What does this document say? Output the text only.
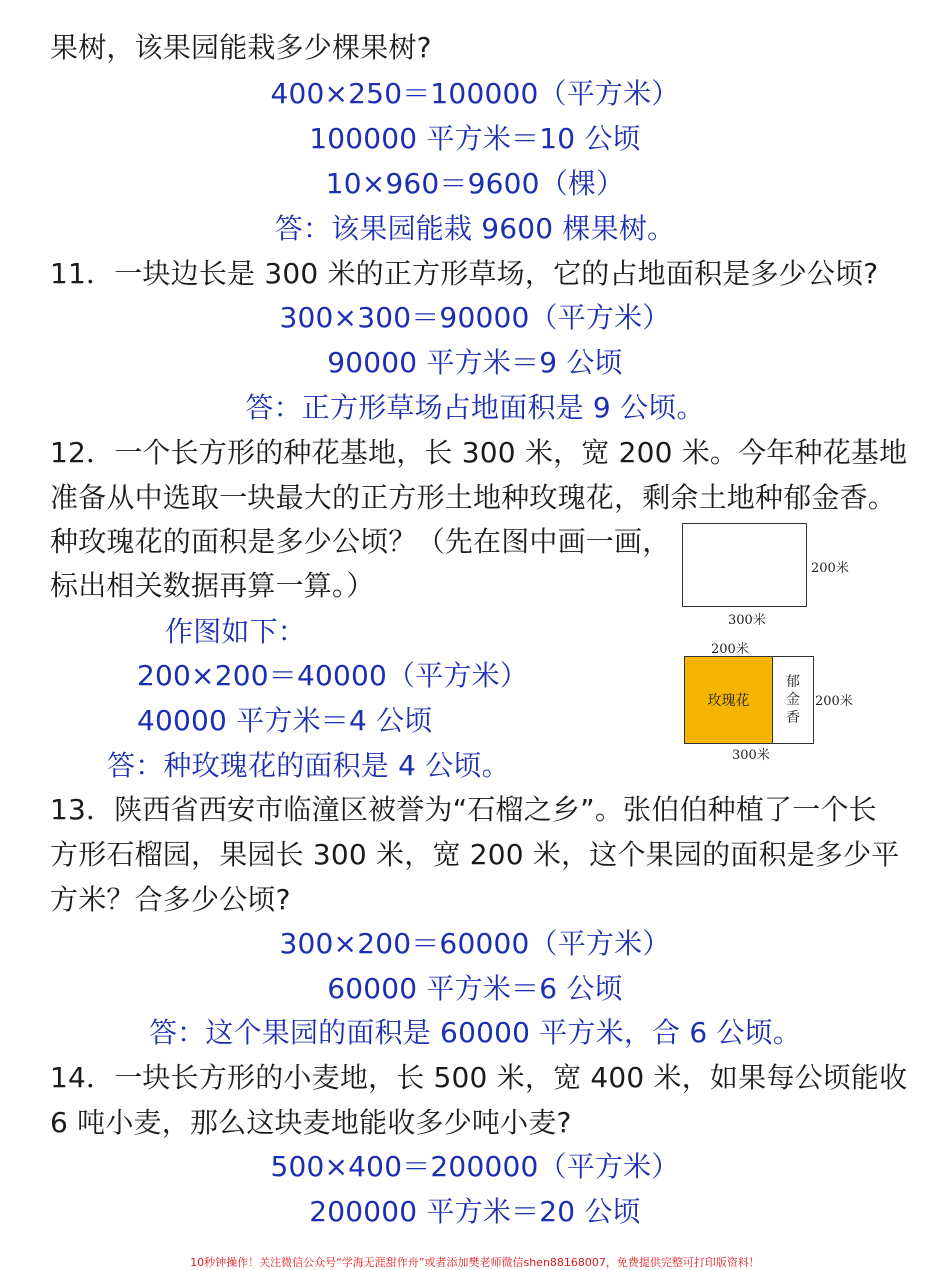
果树，该果园能栽多少棵果树?
400×250＝100000（平方米）
100000 平方米＝10 公顷
10×960＝9600（棵）
答：该果园能栽 9600 棵果树。
11．一块边长是 300 米的正方形草场，它的占地面积是多少公顷?
300×300＝90000（平方米）
90000 平方米＝9 公顷
答：正方形草场占地面积是 9 公顷。
12．一个长方形的种花基地，长 300 米，宽 200 米。今年种花基地
准备从中选取一块最大的正方形土地种玫瑰花，剩余土地种郁金香。
种玫瑰花的面积是多少公顷？（先在图中画一画，
标出相关数据再算一算。）
作图如下：
200×200＝40000（平方米）
40000 平方米＝4 公顷
答：种玫瑰花的面积是 4 公顷。
200米
300米
200米
玫瑰花
郁
金
香
200米
300米
13．陕西省西安市临潼区被誉为“石榴之乡”。张伯伯种植了一个长
方形石榴园，果园长 300 米，宽 200 米，这个果园的面积是多少平
方米？合多少公顷?
300×200＝60000（平方米）
60000 平方米＝6 公顷
答：这个果园的面积是 60000 平方米，合 6 公顷。
14．一块长方形的小麦地，长 500 米，宽 400 米，如果每公顷能收
6 吨小麦，那么这块麦地能收多少吨小麦?
500×400＝200000（平方米）
200000 平方米＝20 公顷
10秒钟操作！关注微信公众号“学海无涯甜作舟”或者添加樊老师微信shen88168007，免费提供完整可打印版资料！
